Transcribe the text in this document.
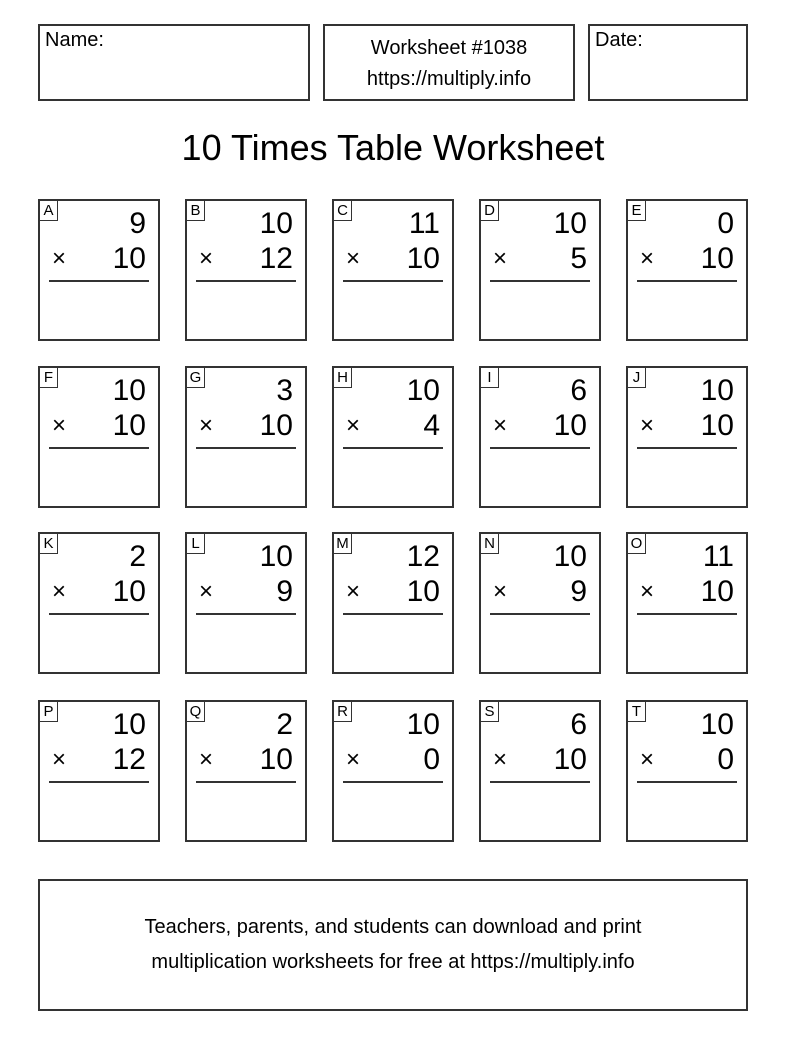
Name:	Worksheet #1038
https://multiply.info
Date:
10 Times Table Worksheet
A	9
× 10
B 10
× 12
C 11
× 10
D 10
× 5
E	0
× 10
F 10
× 10
G 3
× 10
H 10
× 4
I	6
× 10
J 10
× 10
K	2
× 10
L 10
× 9
M 12
× 10
N 10
× 9
O 11
× 10
P 10
× 12
Q 2
× 10
R 10
× 0
S	6
× 10
T 10
× 0
Teachers, parents, and students can download and print
multiplication worksheets for free at https://multiply.info
